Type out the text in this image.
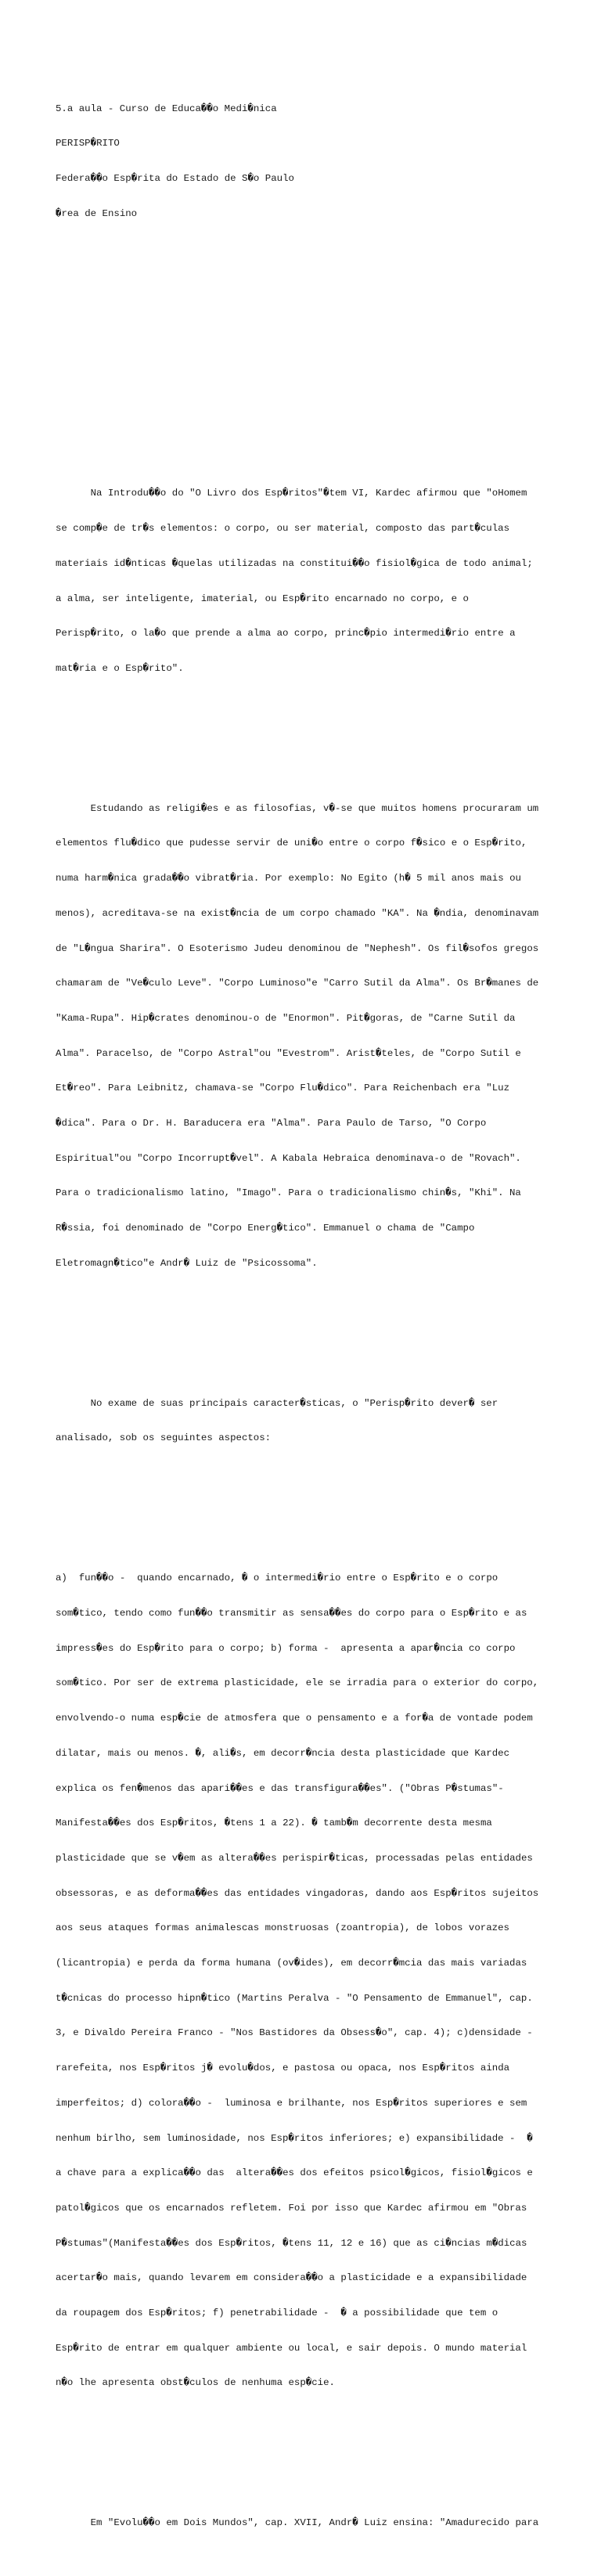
5.a aula - Curso de Educa��o Medi�nica

PERISP�RITO

Federa��o Esp�rita do Estado de S�o Paulo

�rea de Ensino

Na Introdu��o do "O Livro dos Esp�ritos"�tem VI, Kardec afirmou que "oHomem

se comp�e de tr�s elementos: o corpo, ou ser material, composto das part�culas

materiais id�nticas �quelas utilizadas na constitui��o fisiol�gica de todo animal;

a alma, ser inteligente, imaterial, ou Esp�rito encarnado no corpo, e o

Perisp�rito, o la�o que prende a alma ao corpo, princ�pio intermedi�rio entre a

mat�ria e o Esp�rito".

Estudando as religi�es e as filosofias, v�-se que muitos homens procuraram um

elementos flu�dico que pudesse servir de uni�o entre o corpo f�sico e o Esp�rito,

numa harm�nica grada��o vibrat�ria. Por exemplo: No Egito (h� 5 mil anos mais ou

menos), acreditava-se na exist�ncia de um corpo chamado "KA". Na �ndia, denominavam

de "L�ngua Sharira". O Esoterismo Judeu denominou de "Nephesh". Os fil�sofos gregos

chamaram de "Ve�culo Leve". "Corpo Luminoso"e "Carro Sutil da Alma". Os Br�manes de

"Kama-Rupa". Hip�crates denominou-o de "Enormon". Pit�goras, de "Carne Sutil da

Alma". Paracelso, de "Corpo Astral"ou "Evestrom". Arist�teles, de "Corpo Sutil e

Et�reo". Para Leibnitz, chamava-se "Corpo Flu�dico". Para Reichenbach era "Luz

�dica". Para o Dr. H. Baraducera era "Alma". Para Paulo de Tarso, "O Corpo

Espiritual"ou "Corpo Incorrupt�vel". A Kabala Hebraica denominava-o de "Rovach".

Para o tradicionalismo latino, "Imago". Para o tradicionalismo chin�s, "Khi". Na

R�ssia, foi denominado de "Corpo Energ�tico". Emmanuel o chama de "Campo

Eletromagn�tico"e Andr� Luiz de "Psicossoma".

No exame de suas principais caracter�sticas, o "Perisp�rito dever� ser

analisado, sob os seguintes aspectos:

a)  fun��o -  quando encarnado, � o intermedi�rio entre o Esp�rito e o corpo

som�tico, tendo como fun��o transmitir as sensa��es do corpo para o Esp�rito e as

impress�es do Esp�rito para o corpo; b) forma -  apresenta a apar�ncia co corpo

som�tico. Por ser de extrema plasticidade, ele se irradia para o exterior do corpo,

envolvendo-o numa esp�cie de atmosfera que o pensamento e a for�a de vontade podem

dilatar, mais ou menos. �, ali�s, em decorr�ncia desta plasticidade que Kardec

explica os fen�menos das apari��es e das transfigura��es". ("Obras P�stumas"-

Manifesta��es dos Esp�ritos, �tens 1 a 22). � tamb�m decorrente desta mesma

plasticidade que se v�em as altera��es perispir�ticas, processadas pelas entidades

obsessoras, e as deforma��es das entidades vingadoras, dando aos Esp�ritos sujeitos

aos seus ataques formas animalescas monstruosas (zoantropia), de lobos vorazes

(licantropia) e perda da forma humana (ov�ides), em decorr�mcia das mais variadas

t�cnicas do processo hipn�tico (Martins Peralva - "O Pensamento de Emmanuel", cap.

3, e Divaldo Pereira Franco - "Nos Bastidores da Obsess�o", cap. 4); c)densidade -

rarefeita, nos Esp�ritos j� evolu�dos, e pastosa ou opaca, nos Esp�ritos ainda

imperfeitos; d) colora��o -  luminosa e brilhante, nos Esp�ritos superiores e sem

nenhum birlho, sem luminosidade, nos Esp�ritos inferiores; e) expansibilidade -  �

a chave para a explica��o das  altera��es dos efeitos psicol�gicos, fisiol�gicos e

patol�gicos que os encarnados refletem. Foi por isso que Kardec afirmou em "Obras

P�stumas"(Manifesta��es dos Esp�ritos, �tens 11, 12 e 16) que as ci�ncias m�dicas

acertar�o mais, quando levarem em considera��o a plasticidade e a expansibilidade

da roupagem dos Esp�ritos; f) penetrabilidade -  � a possibilidade que tem o

Esp�rito de entrar em qualquer ambiente ou local, e sair depois. O mundo material

n�o lhe apresenta obst�culos de nenhuma esp�cie.

Em "Evolu��o em Dois Mundos", cap. XVII, Andr� Luiz ensina: "Amadurecido para
